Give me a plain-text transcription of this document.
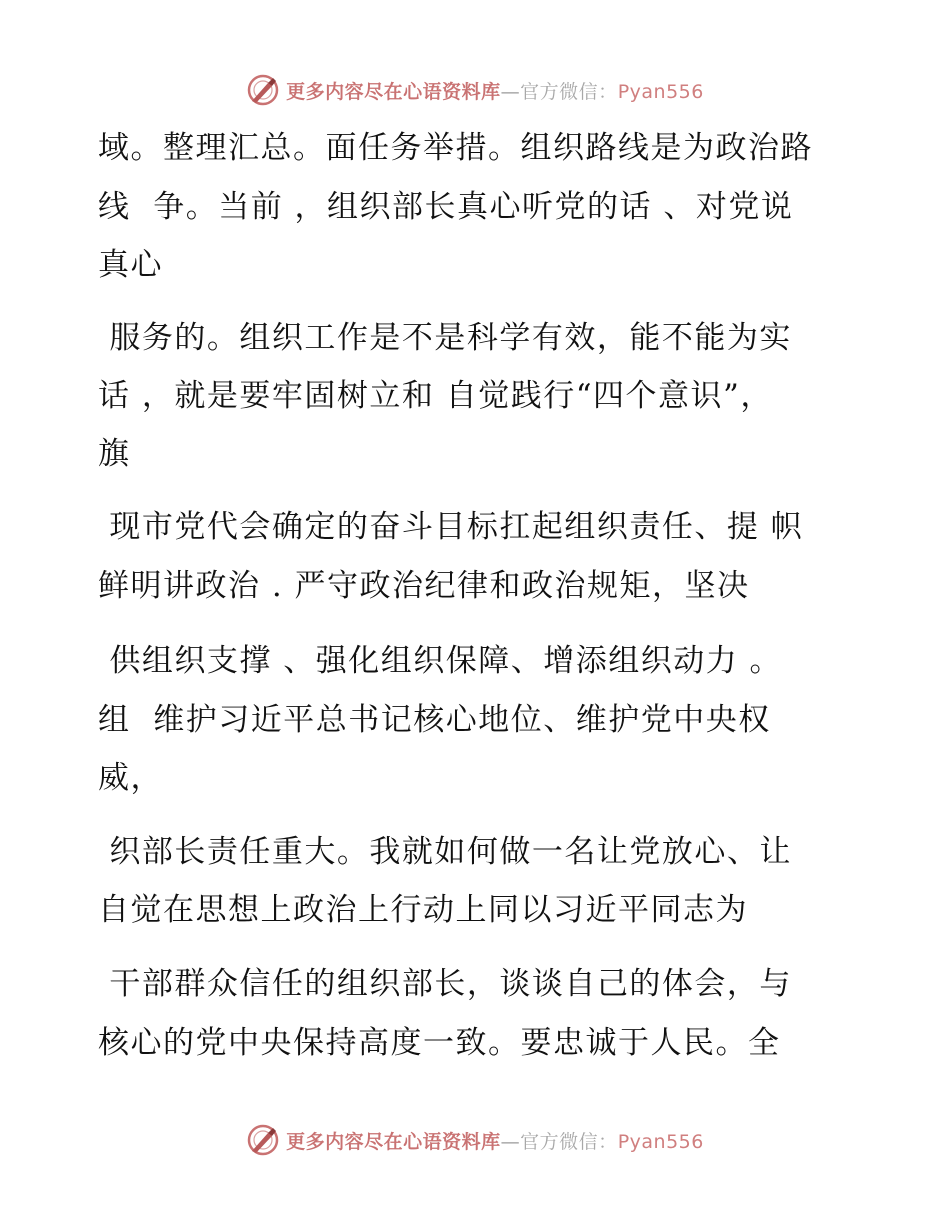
更多内容尽在心语资料库—官方微信：Pyan556
域。整理汇总。面任务举措。组织路线是为政治路
线  争。当前 ，组织部长真心听党的话 、对党说
真心
服务的。组织工作是不是科学有效，能不能为实
话 ，就是要牢固树立和 自觉践行“四个意识”，
旗
现市党代会确定的奋斗目标扛起组织责任、提 帜
鲜明讲政治 . 严守政治纪律和政治规矩，坚决
供组织支撑 、强化组织保障、增添组织动力 。
组  维护习近平总书记核心地位、维护党中央权
威，
织部长责任重大。我就如何做一名让党放心、让
自觉在思想上政治上行动上同以习近平同志为
干部群众信任的组织部长，谈谈自己的体会，与
核心的党中央保持高度一致。要忠诚于人民。全
更多内容尽在心语资料库—官方微信：Pyan556
